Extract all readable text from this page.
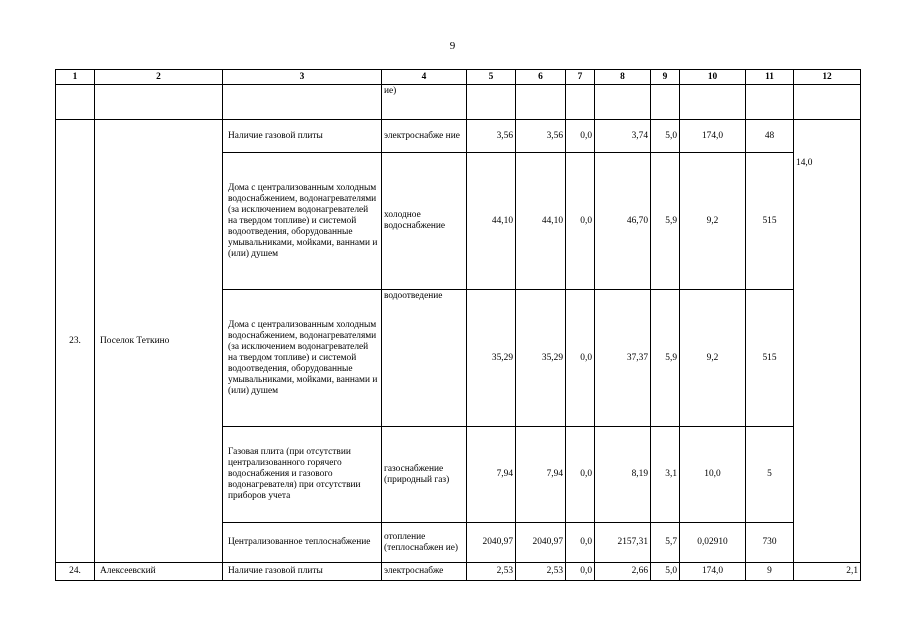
9
1	2	3	4	5	6	7	8	9	10	11	12
			ие)								
23.	Поселок Теткино	Наличие газовой плиты	электроснабже ние	3,56	3,56	0,0	3,74	5,0	174,0	48	14,0
		Дома с централизованным холодным водоснабжением, водонагревателями (за исключением водонагревателей на твердом топливе) и системой водоотведения, оборудованные умывальниками, мойками, ваннами и (или) душем	холодное водоснабжение	44,10	44,10	0,0	46,70	5,9	9,2	515	
		Дома с централизованным холодным водоснабжением, водонагревателями (за исключением водонагревателей на твердом топливе) и системой водоотведения, оборудованные умывальниками, мойками, ваннами и (или) душем	водоотведение	35,29	35,29	0,0	37,37	5,9	9,2	515	
		Газовая плита (при отсутствии централизованного горячего водоснабжения и газового водонагревателя) при отсутствии приборов учета	газоснабжение (природный газ)	7,94	7,94	0,0	8,19	3,1	10,0	5	
		Централизованное теплоснабжение	отопление (теплоснабжен ие)	2040,97	2040,97	0,0	2157,31	5,7	0,02910	730	
24.	Алексеевский	Наличие газовой плиты	электроснабже	2,53	2,53	0,0	2,66	5,0	174,0	9	2,1
